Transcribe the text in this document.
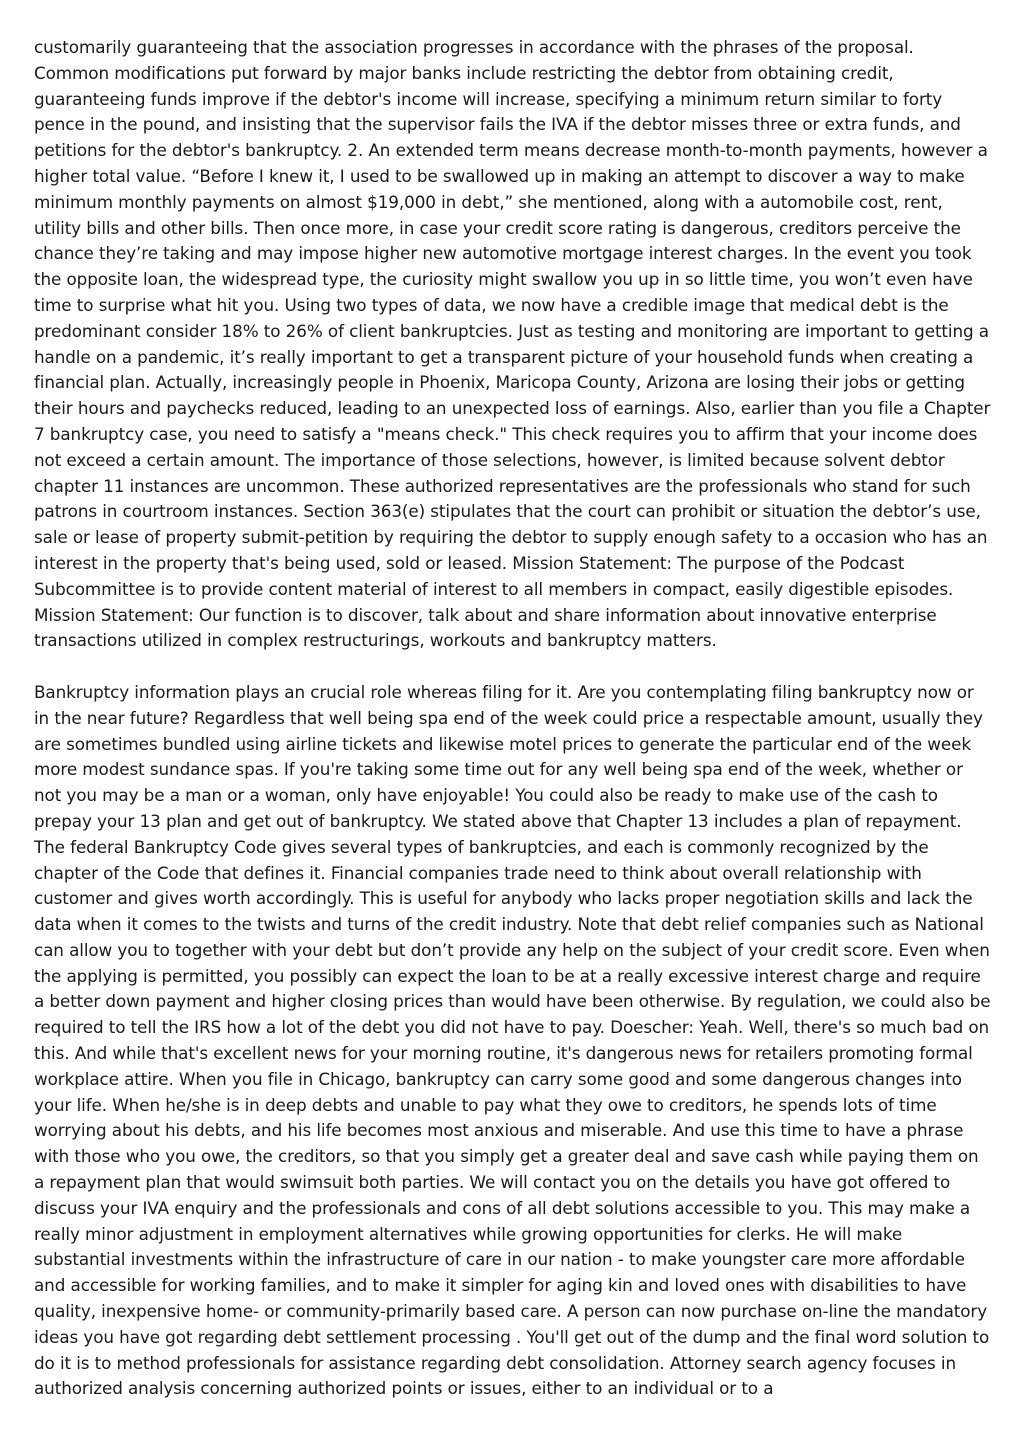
customarily guaranteeing that the association progresses in accordance with the phrases of the proposal. Common modifications put forward by major banks include restricting the debtor from obtaining credit, guaranteeing funds improve if the debtor's income will increase, specifying a minimum return similar to forty pence in the pound, and insisting that the supervisor fails the IVA if the debtor misses three or extra funds, and petitions for the debtor's bankruptcy. 2. An extended term means decrease month-to-month payments, however a higher total value. “Before I knew it, I used to be swallowed up in making an attempt to discover a way to make minimum monthly payments on almost $19,000 in debt,” she mentioned, along with a automobile cost, rent, utility bills and other bills. Then once more, in case your credit score rating is dangerous, creditors perceive the chance they’re taking and may impose higher new automotive mortgage interest charges. In the event you took the opposite loan, the widespread type, the curiosity might swallow you up in so little time, you won’t even have time to surprise what hit you. Using two types of data, we now have a credible image that medical debt is the predominant consider 18% to 26% of client bankruptcies. Just as testing and monitoring are important to getting a handle on a pandemic, it’s really important to get a transparent picture of your household funds when creating a financial plan. Actually, increasingly people in Phoenix, Maricopa County, Arizona are losing their jobs or getting their hours and paychecks reduced, leading to an unexpected loss of earnings. Also, earlier than you file a Chapter 7 bankruptcy case, you need to satisfy a "means check." This check requires you to affirm that your income does not exceed a certain amount. The importance of those selections, however, is limited because solvent debtor chapter 11 instances are uncommon. These authorized representatives are the professionals who stand for such patrons in courtroom instances. Section 363(e) stipulates that the court can prohibit or situation the debtor’s use, sale or lease of property submit-petition by requiring the debtor to supply enough safety to a occasion who has an interest in the property that's being used, sold or leased. Mission Statement: The purpose of the Podcast Subcommittee is to provide content material of interest to all members in compact, easily digestible episodes. Mission Statement: Our function is to discover, talk about and share information about innovative enterprise transactions utilized in complex restructurings, workouts and bankruptcy matters.

Bankruptcy information plays an crucial role whereas filing for it. Are you contemplating filing bankruptcy now or in the near future? Regardless that well being spa end of the week could price a respectable amount, usually they are sometimes bundled using airline tickets and likewise motel prices to generate the particular end of the week more modest sundance spas. If you're taking some time out for any well being spa end of the week, whether or not you may be a man or a woman, only have enjoyable! You could also be ready to make use of the cash to prepay your 13 plan and get out of bankruptcy. We stated above that Chapter 13 includes a plan of repayment. The federal Bankruptcy Code gives several types of bankruptcies, and each is commonly recognized by the chapter of the Code that defines it. Financial companies trade need to think about overall relationship with customer and gives worth accordingly. This is useful for anybody who lacks proper negotiation skills and lack the data when it comes to the twists and turns of the credit industry. Note that debt relief companies such as National can allow you to together with your debt but don’t provide any help on the subject of your credit score. Even when the applying is permitted, you possibly can expect the loan to be at a really excessive interest charge and require a better down payment and higher closing prices than would have been otherwise. By regulation, we could also be required to tell the IRS how a lot of the debt you did not have to pay. Doescher: Yeah. Well, there's so much bad on this. And while that's excellent news for your morning routine, it's dangerous news for retailers promoting formal workplace attire. When you file in Chicago, bankruptcy can carry some good and some dangerous changes into your life. When he/she is in deep debts and unable to pay what they owe to creditors, he spends lots of time worrying about his debts, and his life becomes most anxious and miserable. And use this time to have a phrase with those who you owe, the creditors, so that you simply get a greater deal and save cash while paying them on a repayment plan that would swimsuit both parties. We will contact you on the details you have got offered to discuss your IVA enquiry and the professionals and cons of all debt solutions accessible to you. This may make a really minor adjustment in employment alternatives while growing opportunities for clerks. He will make substantial investments within the infrastructure of care in our nation - to make youngster care more affordable and accessible for working families, and to make it simpler for aging kin and loved ones with disabilities to have quality, inexpensive home- or community-primarily based care. A person can now purchase on-line the mandatory ideas you have got regarding debt settlement processing . You'll get out of the dump and the final word solution to do it is to method professionals for assistance regarding debt consolidation. Attorney search agency focuses in authorized analysis concerning authorized points or issues, either to an individual or to a
